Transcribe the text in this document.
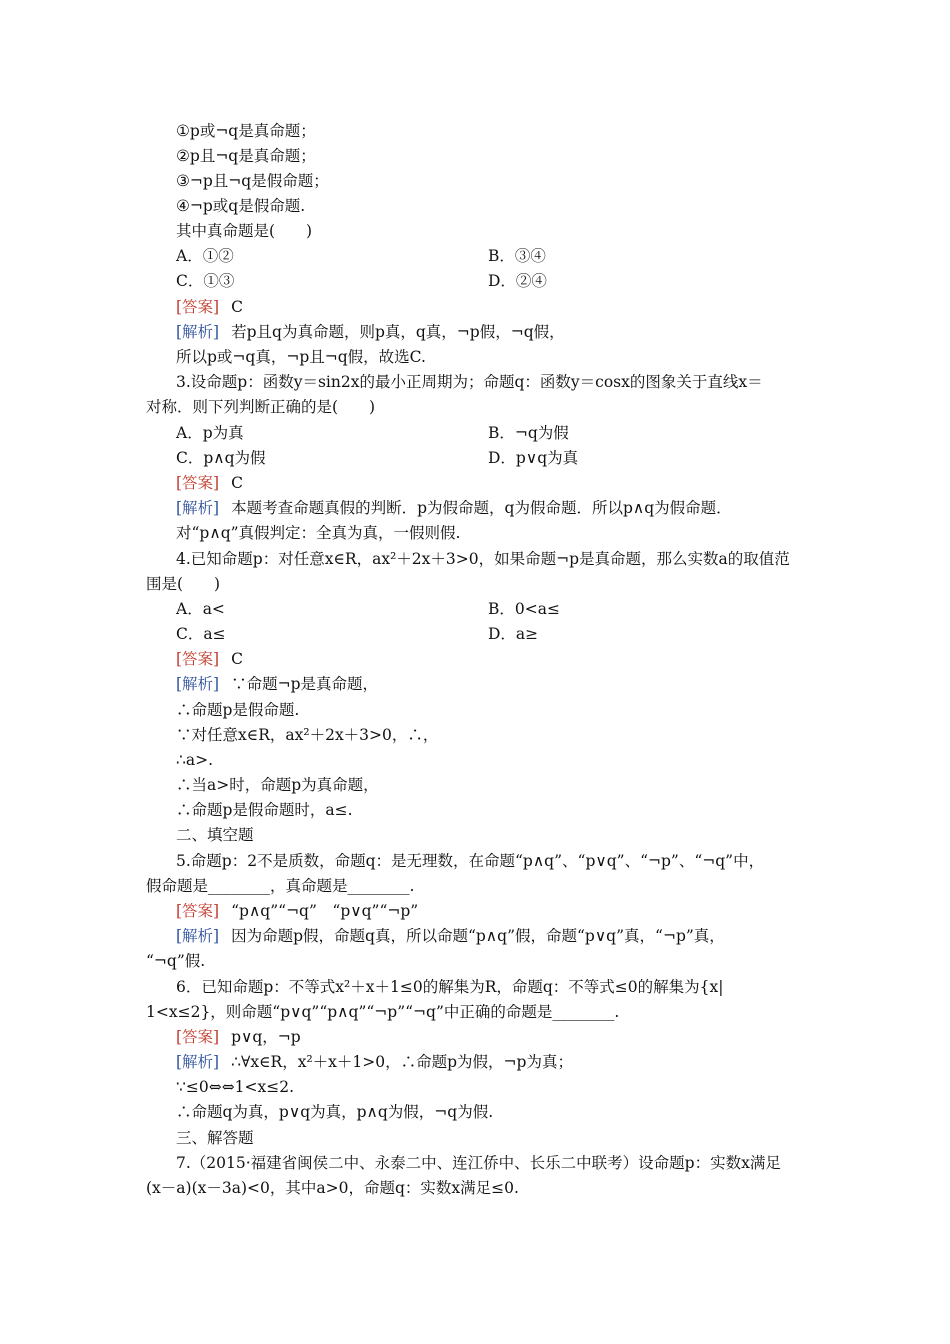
①p或¬q是真命题；
②p且¬q是真命题；
③¬p且¬q是假命题；
④¬p或q是假命题.
其中真命题是(　　)
A．①②	B．③④
C．①③	D．②④
[答案] C
[解析] 若p且q为真命题，则p真，q真，¬p假，¬q假，
所以p或¬q真，¬p且¬q假，故选C.
3.设命题p：函数y＝sin2x的最小正周期为；命题q：函数y＝cosx的图象关于直线x＝
对称．则下列判断正确的是(　　)
A．p为真	B．¬q为假
C．p∧q为假	D．p∨q为真
[答案] C
[解析] 本题考查命题真假的判断．p为假命题，q为假命题．所以p∧q为假命题．
对“p∧q”真假判定：全真为真，一假则假.
4.已知命题p：对任意x∈R，ax²＋2x＋3>0，如果命题¬p是真命题，那么实数a的取值范
围是(　　)
A．a<	B．0<a≤
C．a≤	D．a≥
[答案] C
[解析] ∵命题¬p是真命题，
∴命题p是假命题.
∵对任意x∈R，ax²＋2x＋3>0，∴，
∴a>.
∴当a>时，命题p为真命题，
∴命题p是假命题时，a≤.
二、填空题
5.命题p：2不是质数，命题q：是无理数，在命题“p∧q”、“p∨q”、“¬p”、“¬q”中，
假命题是________，真命题是________.
[答案] “p∧q”“¬q”　“p∨q”“¬p”
[解析] 因为命题p假，命题q真，所以命题“p∧q”假，命题“p∨q”真，“¬p”真，
“¬q”假.
6．已知命题p：不等式x²＋x＋1≤0的解集为R，命题q：不等式≤0的解集为{x|
1<x≤2}，则命题“p∨q”“p∧q”“¬p”“¬q”中正确的命题是________.
[答案] p∨q，¬p
[解析] ∴∀x∈R，x²＋x＋1>0，∴命题p为假，¬p为真；
∵≤0⇔⇔1<x≤2.
∴命题q为真，p∨q为真，p∧q为假，¬q为假.
三、解答题
7.（2015·福建省闽侯二中、永泰二中、连江侨中、长乐二中联考）设命题p：实数x满足
(x－a)(x－3a)<0，其中a>0，命题q：实数x满足≤0.
